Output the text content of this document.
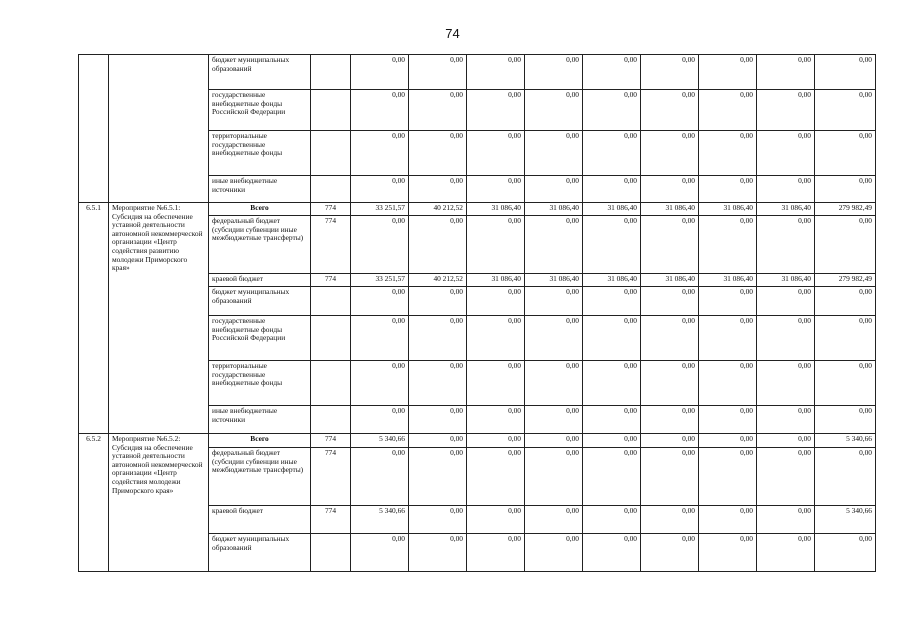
74
		бюджет муниципальных образований		0,00	0,00	0,00	0,00	0,00	0,00	0,00	0,00	0,00
		государственные внебюджетные фонды Российской Федерации		0,00	0,00	0,00	0,00	0,00	0,00	0,00	0,00	0,00
		территориальные государственные внебюджетные фонды		0,00	0,00	0,00	0,00	0,00	0,00	0,00	0,00	0,00
		иные внебюджетные источники		0,00	0,00	0,00	0,00	0,00	0,00	0,00	0,00	0,00
6.5.1	Мероприятие №6.5.1: Субсидия на обеспечение уставной деятельности автономной некоммерческой организации «Центр содействия развитию молодежи Приморского края»	Всего	774	33 251,57	40 212,52	31 086,40	31 086,40	31 086,40	31 086,40	31 086,40	31 086,40	279 982,49
		федеральный бюджет (субсидии субвенции иные межбюджетные трансферты)	774	0,00	0,00	0,00	0,00	0,00	0,00	0,00	0,00	0,00
		краевой бюджет	774	33 251,57	40 212,52	31 086,40	31 086,40	31 086,40	31 086,40	31 086,40	31 086,40	279 982,49
		бюджет муниципальных образований		0,00	0,00	0,00	0,00	0,00	0,00	0,00	0,00	0,00
		государственные внебюджетные фонды Российской Федерации		0,00	0,00	0,00	0,00	0,00	0,00	0,00	0,00	0,00
		территориальные государственные внебюджетные фонды		0,00	0,00	0,00	0,00	0,00	0,00	0,00	0,00	0,00
		иные внебюджетные источники		0,00	0,00	0,00	0,00	0,00	0,00	0,00	0,00	0,00
6.5.2	Мероприятие №6.5.2: Субсидия на обеспечение уставной деятельности автономной некоммерческой организации «Центр содействия молодежи Приморского края»	Всего	774	5 340,66	0,00	0,00	0,00	0,00	0,00	0,00	0,00	5 340,66
		федеральный бюджет (субсидии субвенции иные межбюджетные трансферты)	774	0,00	0,00	0,00	0,00	0,00	0,00	0,00	0,00	0,00
		краевой бюджет	774	5 340,66	0,00	0,00	0,00	0,00	0,00	0,00	0,00	5 340,66
		бюджет муниципальных образований		0,00	0,00	0,00	0,00	0,00	0,00	0,00	0,00	0,00
